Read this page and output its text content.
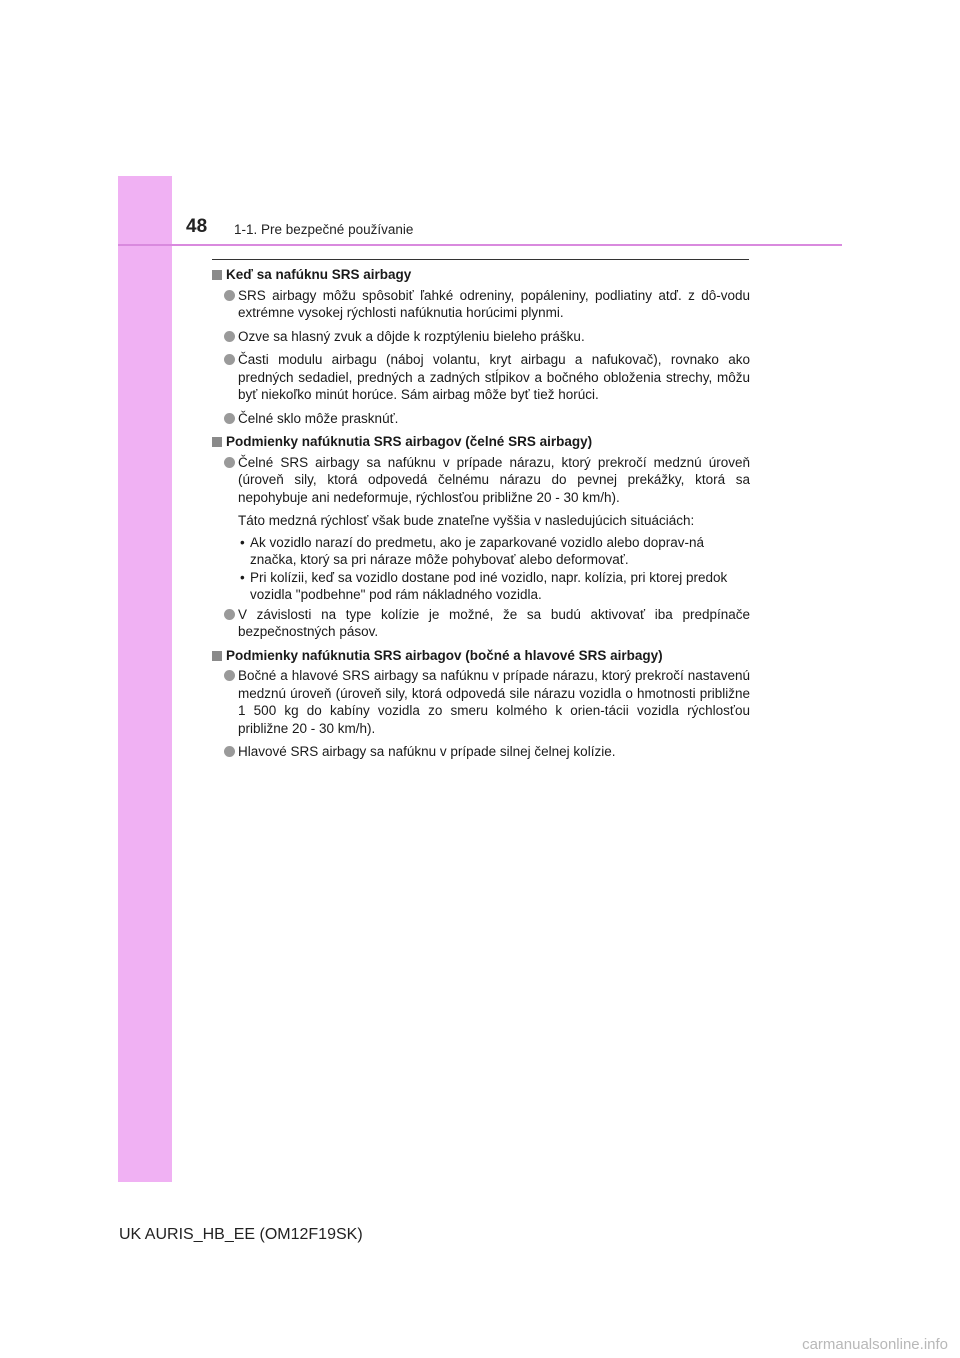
48 1-1. Pre bezpečné používanie
Keď sa nafúknu SRS airbagy
SRS airbagy môžu spôsobiť ľahké odreniny, popáleniny, podliatiny atď. z dô-vodu extrémne vysokej rýchlosti nafúknutia horúcimi plynmi.
Ozve sa hlasný zvuk a dôjde k rozptýleniu bieleho prášku.
Časti modulu airbagu (náboj volantu, kryt airbagu a nafukovač), rovnako ako predných sedadiel, predných a zadných stĺpikov a bočného obloženia strechy, môžu byť niekoľko minút horúce. Sám airbag môže byť tiež horúci.
Čelné sklo môže prasknúť.
Podmienky nafúknutia SRS airbagov (čelné SRS airbagy)
Čelné SRS airbagy sa nafúknu v prípade nárazu, ktorý prekročí medznú úroveň (úroveň sily, ktorá odpovedá čelnému nárazu do pevnej prekážky, ktorá sa nepohybuje ani nedeformuje, rýchlosťou približne 20 - 30 km/h).
Táto medzná rýchlosť však bude znateľne vyššia v nasledujúcich situáciách:
• Ak vozidlo narazí do predmetu, ako je zaparkované vozidlo alebo doprav-ná značka, ktorý sa pri náraze môže pohybovať alebo deformovať.
• Pri kolízii, keď sa vozidlo dostane pod iné vozidlo, napr. kolízia, pri ktorej predok vozidla "podbehne" pod rám nákladného vozidla.
V závislosti na type kolízie je možné, že sa budú aktivovať iba predpínače bezpečnostných pásov.
Podmienky nafúknutia SRS airbagov (bočné a hlavové SRS airbagy)
Bočné a hlavové SRS airbagy sa nafúknu v prípade nárazu, ktorý prekročí nastavenú medznú úroveň (úroveň sily, ktorá odpovedá sile nárazu vozidla o hmotnosti približne 1 500 kg do kabíny vozidla zo smeru kolmého k orien-tácii vozidla rýchlosťou približne 20 - 30 km/h).
Hlavové SRS airbagy sa nafúknu v prípade silnej čelnej kolízie.
UK AURIS_HB_EE (OM12F19SK)
carmanualsonline.info
